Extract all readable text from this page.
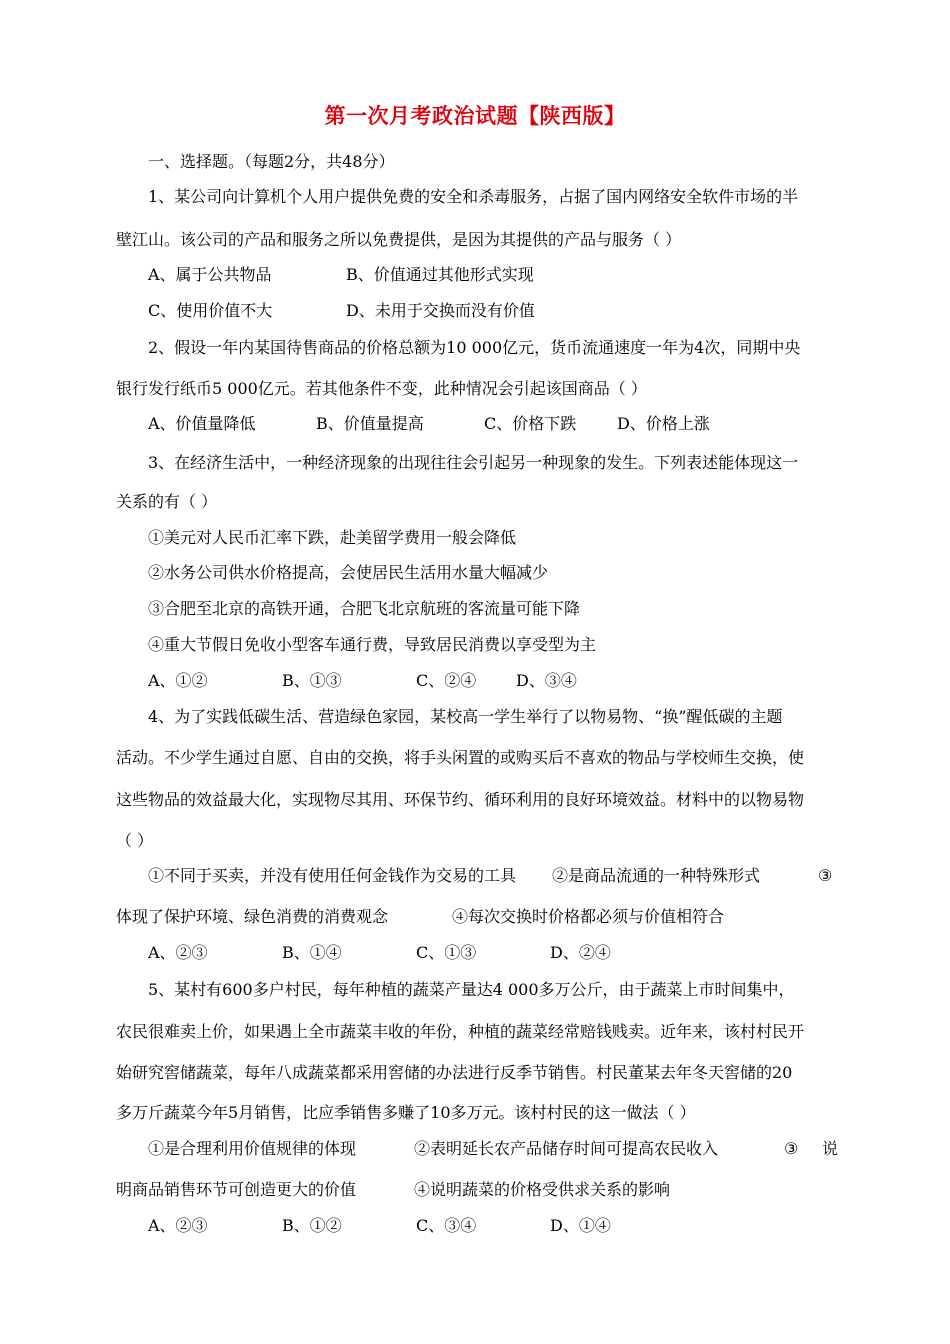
第一次月考政治试题【陕西版】
一、选择题。（每题2分，共48分）
1、某公司向计算机个人用户提供免费的安全和杀毒服务，占据了国内网络安全软件市场的半
壁江山。该公司的产品和服务之所以免费提供，是因为其提供的产品与服务（ ）
A、属于公共物品	B、价值通过其他形式实现
C、使用价值不大	D、未用于交换而没有价值
2、假设一年内某国待售商品的价格总额为10 000亿元，货币流通速度一年为4次，同期中央
银行发行纸币5 000亿元。若其他条件不变，此种情况会引起该国商品（ ）
A、价值量降低	B、价值量提高	C、价格下跌	D、价格上涨
3、在经济生活中，一种经济现象的出现往往会引起另一种现象的发生。下列表述能体现这一
关系的有（ ）
①美元对人民币汇率下跌，赴美留学费用一般会降低
②水务公司供水价格提高，会使居民生活用水量大幅减少
③合肥至北京的高铁开通，合肥飞北京航班的客流量可能下降
④重大节假日免收小型客车通行费，导致居民消费以享受型为主
A、①②	B、①③	C、②④ D、③④
4、为了实践低碳生活、营造绿色家园，某校高一学生举行了以物易物、“换”醒低碳的主题
活动。不少学生通过自愿、自由的交换，将手头闲置的或购买后不喜欢的物品与学校师生交换，使
这些物品的效益最大化，实现物尽其用、环保节约、循环利用的良好环境效益。材料中的以物易物
（ ）
①不同于买卖，并没有使用任何金钱作为交易的工具 ②是商品流通的一种特殊形式	③
体现了保护环境、绿色消费的消费观念	④每次交换时价格都必须与价值相符合
A、②③	B、①④	C、①③	D、②④
5、某村有600多户村民，每年种植的蔬菜产量达4 000多万公斤，由于蔬菜上市时间集中，
农民很难卖上价，如果遇上全市蔬菜丰收的年份，种植的蔬菜经常赔钱贱卖。近年来，该村村民开
始研究窖储蔬菜，每年八成蔬菜都采用窖储的办法进行反季节销售。村民董某去年冬天窖储的20
多万斤蔬菜今年5月销售，比应季销售多赚了10多万元。该村村民的这一做法（ ）
①是合理利用价值规律的体现	②表明延长农产品储存时间可提高农民收入	③ 说
明商品销售环节可创造更大的价值	④说明蔬菜的价格受供求关系的影响
A、②③	B、①②	C、③④	D、①④
